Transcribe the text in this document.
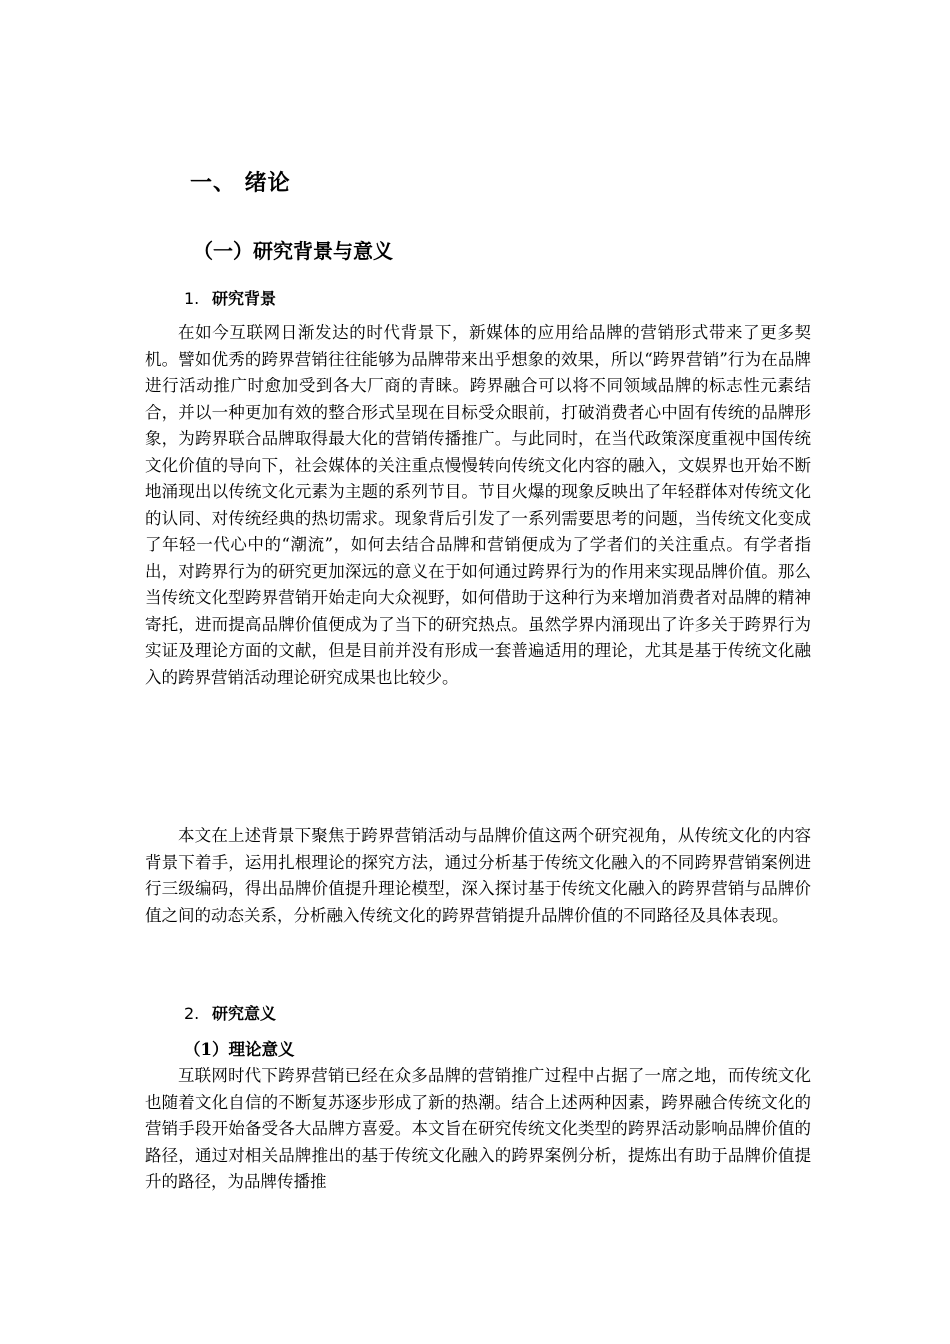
一、 绪论
（一）研究背景与意义
1. 研究背景

在如今互联网日渐发达的时代背景下，新媒体的应用给品牌的营销形式带来了更多契机。譬如优秀的跨界营销往往能够为品牌带来出乎想象的效果，所以“跨界营销”行为在品牌进行活动推广时愈加受到各大厂商的青睐。跨界融合可以将不同领域品牌的标志性元素结合，并以一种更加有效的整合形式呈现在目标受众眼前，打破消费者心中固有传统的品牌形象，为跨界联合品牌取得最大化的营销传播推广。与此同时，在当代政策深度重视中国传统文化价值的导向下，社会媒体的关注重点慢慢转向传统文化内容的融入，文娱界也开始不断地涌现出以传统文化元素为主题的系列节目。节目火爆的现象反映出了年轻群体对传统文化的认同、对传统经典的热切需求。现象背后引发了一系列需要思考的问题，当传统文化变成了年轻一代心中的“潮流”，如何去结合品牌和营销便成为了学者们的关注重点。有学者指出，对跨界行为的研究更加深远的意义在于如何通过跨界行为的作用来实现品牌价值。那么当传统文化型跨界营销开始走向大众视野，如何借助于这种行为来增加消费者对品牌的精神寄托，进而提高品牌价值便成为了当下的研究热点。虽然学界内涌现出了许多关于跨界行为实证及理论方面的文献，但是目前并没有形成一套普遍适用的理论，尤其是基于传统文化融入的跨界营销活动理论研究成果也比较少。

本文在上述背景下聚焦于跨界营销活动与品牌价值这两个研究视角，从传统文化的内容背景下着手，运用扎根理论的探究方法，通过分析基于传统文化融入的不同跨界营销案例进行三级编码，得出品牌价值提升理论模型，深入探讨基于传统文化融入的跨界营销与品牌价值之间的动态关系，分析融入传统文化的跨界营销提升品牌价值的不同路径及具体表现。

2. 研究意义
（1）理论意义

互联网时代下跨界营销已经在众多品牌的营销推广过程中占据了一席之地，而传统文化也随着文化自信的不断复苏逐步形成了新的热潮。结合上述两种因素，跨界融合传统文化的营销手段开始备受各大品牌方喜爱。本文旨在研究传统文化类型的跨界活动影响品牌价值的路径，通过对相关品牌推出的基于传统文化融入的跨界案例分析，提炼出有助于品牌价值提升的路径，为品牌传播推
